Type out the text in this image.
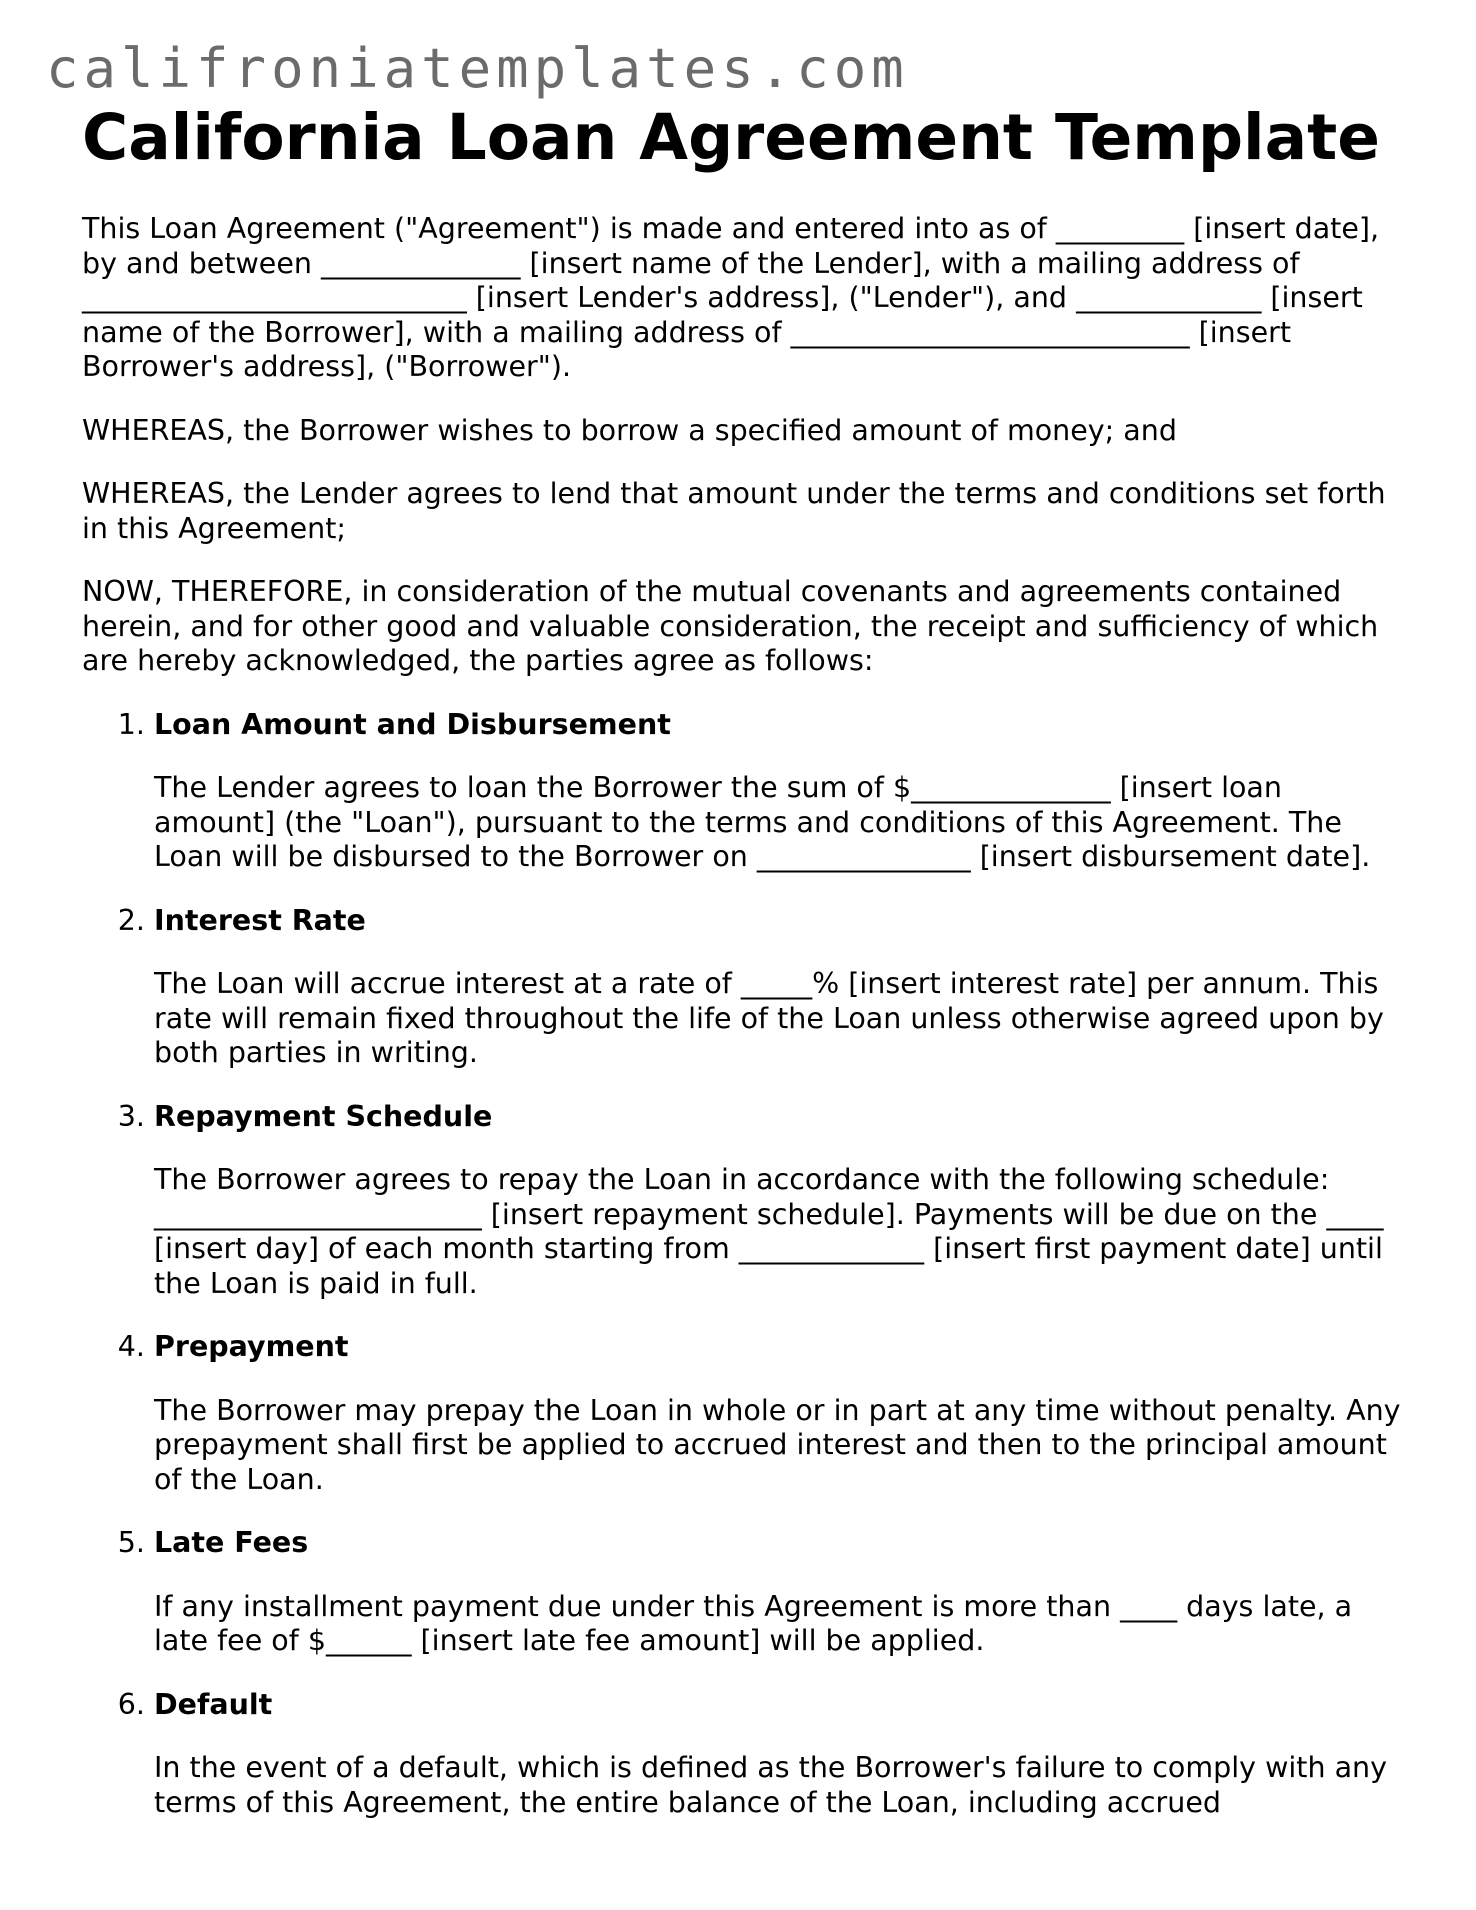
califroniatemplates.com
California Loan Agreement Template

This Loan Agreement ("Agreement") is made and entered into as of _________ [insert date], by and between ______________ [insert name of the Lender], with a mailing address of ___________________________ [insert Lender's address], ("Lender"), and _____________ [insert name of the Borrower], with a mailing address of ____________________________ [insert Borrower's address], ("Borrower").

WHEREAS, the Borrower wishes to borrow a specified amount of money; and

WHEREAS, the Lender agrees to lend that amount under the terms and conditions set forth in this Agreement;

NOW, THEREFORE, in consideration of the mutual covenants and agreements contained herein, and for other good and valuable consideration, the receipt and sufficiency of which are hereby acknowledged, the parties agree as follows:

1. Loan Amount and Disbursement

The Lender agrees to loan the Borrower the sum of $______________ [insert loan amount] (the "Loan"), pursuant to the terms and conditions of this Agreement. The Loan will be disbursed to the Borrower on _______________ [insert disbursement date].

2. Interest Rate

The Loan will accrue interest at a rate of _____% [insert interest rate] per annum. This rate will remain fixed throughout the life of the Loan unless otherwise agreed upon by both parties in writing.

3. Repayment Schedule

The Borrower agrees to repay the Loan in accordance with the following schedule: _______________________ [insert repayment schedule]. Payments will be due on the ____ [insert day] of each month starting from _____________ [insert first payment date] until the Loan is paid in full.

4. Prepayment

The Borrower may prepay the Loan in whole or in part at any time without penalty. Any prepayment shall first be applied to accrued interest and then to the principal amount of the Loan.

5. Late Fees

If any installment payment due under this Agreement is more than ____ days late, a late fee of $______ [insert late fee amount] will be applied.

6. Default

In the event of a default, which is defined as the Borrower's failure to comply with any terms of this Agreement, the entire balance of the Loan, including accrued
